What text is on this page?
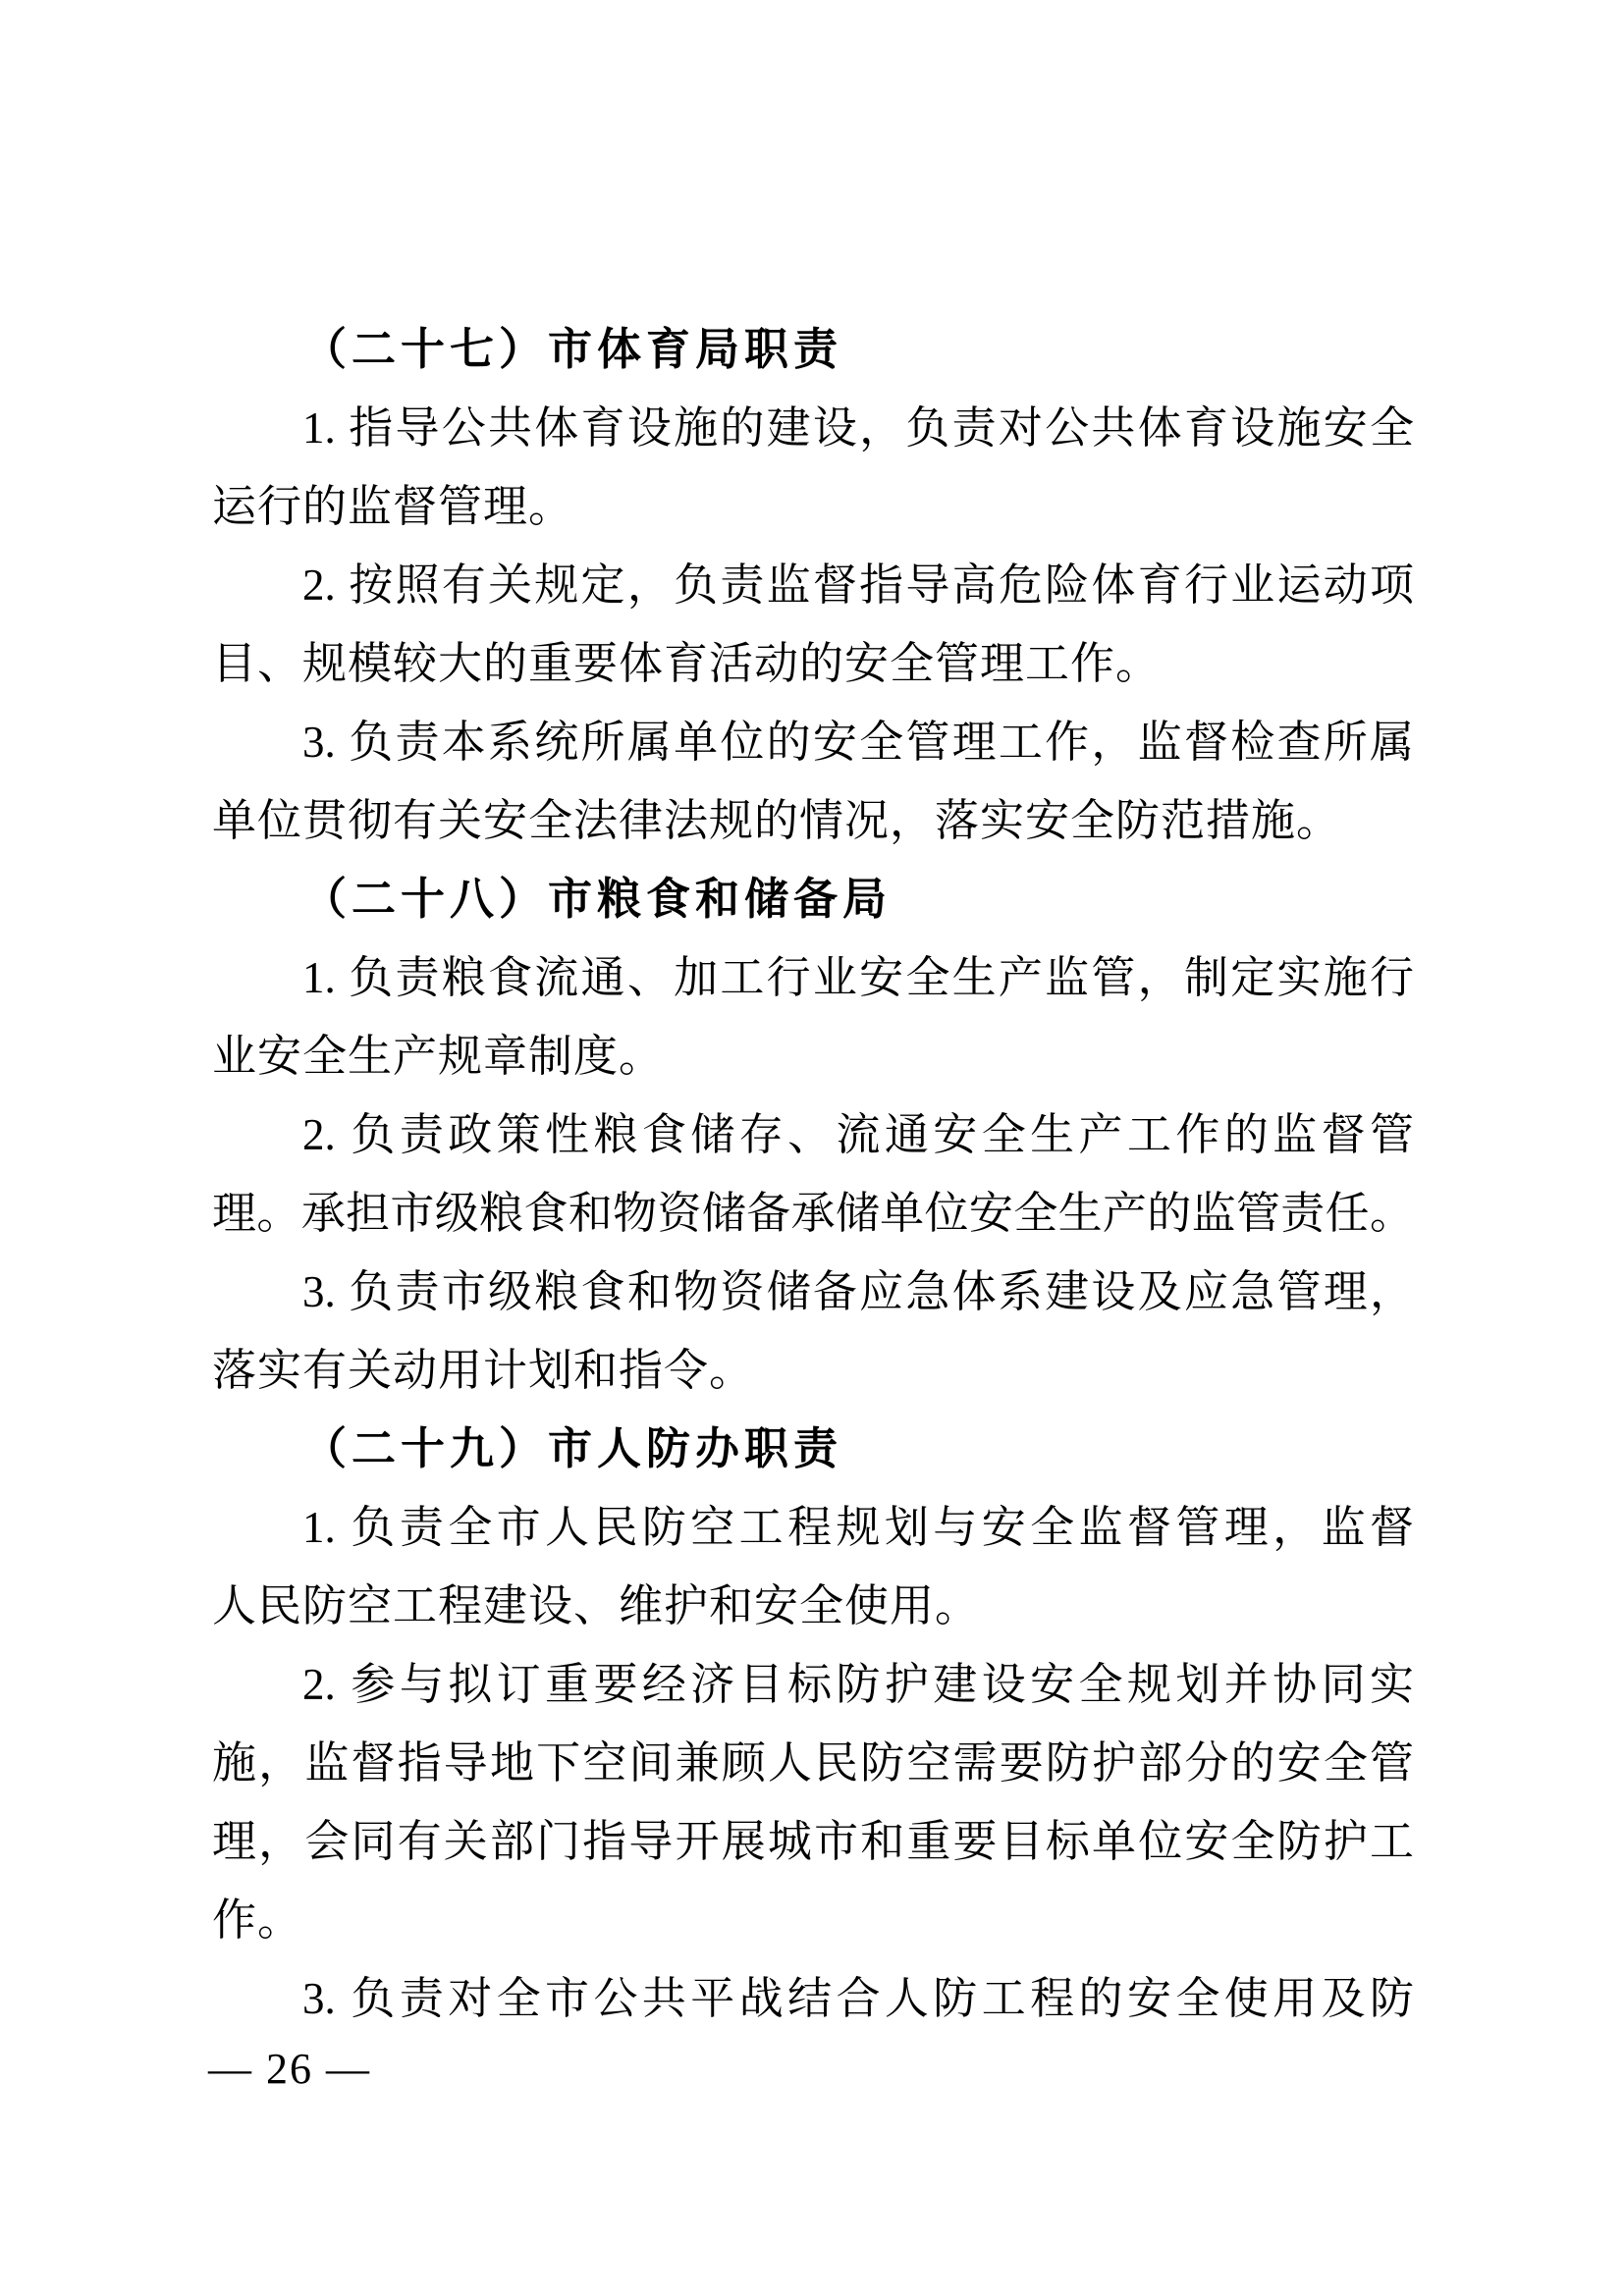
（二十七）市体育局职责
1. 指导公共体育设施的建设，负责对公共体育设施安全
运行的监督管理。
2. 按照有关规定，负责监督指导高危险体育行业运动项
目、规模较大的重要体育活动的安全管理工作。
3. 负责本系统所属单位的安全管理工作，监督检查所属
单位贯彻有关安全法律法规的情况，落实安全防范措施。
（二十八）市粮食和储备局
1. 负责粮食流通、加工行业安全生产监管，制定实施行
业安全生产规章制度。
2. 负责政策性粮食储存、流通安全生产工作的监督管
理。承担市级粮食和物资储备承储单位安全生产的监管责任。
3. 负责市级粮食和物资储备应急体系建设及应急管理，
落实有关动用计划和指令。
（二十九）市人防办职责
1. 负责全市人民防空工程规划与安全监督管理，监督
人民防空工程建设、维护和安全使用。
2. 参与拟订重要经济目标防护建设安全规划并协同实
施，监督指导地下空间兼顾人民防空需要防护部分的安全管
理，会同有关部门指导开展城市和重要目标单位安全防护工
作。
3. 负责对全市公共平战结合人防工程的安全使用及防
— 26 —
